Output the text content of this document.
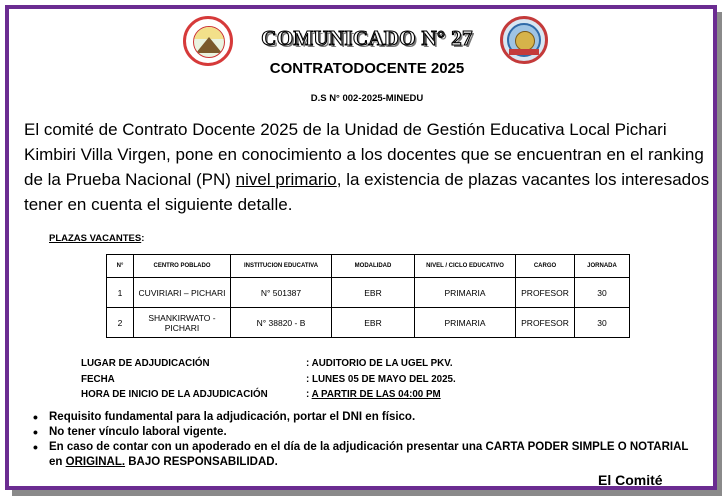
COMUNICADO N° 27
CONTRATODOCENTE 2025
D.S N° 002-2025-MINEDU
El comité de Contrato Docente 2025 de la Unidad de Gestión Educativa Local Pichari Kimbiri Villa Virgen, pone en conocimiento a los docentes que se encuentran en el ranking de la Prueba Nacional (PN) nivel primario, la existencia de plazas vacantes los interesados tener en cuenta el siguiente detalle.
PLAZAS VACANTES:
N°	CENTRO POBLADO	INSTITUCION EDUCATIVA	MODALIDAD	NIVEL / CICLO EDUCATIVO	CARGO	JORNADA
1	CUVIRIARI – PICHARI	N° 501387	EBR	PRIMARIA	PROFESOR	30
2	SHANKIRWATO - PICHARI	N° 38820 - B	EBR	PRIMARIA	PROFESOR	30
LUGAR DE ADJUDICACIÓN	: AUDITORIO DE LA UGEL PKV.
FECHA	: LUNES 05 DE MAYO DEL 2025.
HORA DE INICIO DE LA ADJUDICACIÓN	: A PARTIR DE LAS 04:00 PM
• Requisito fundamental para la adjudicación, portar el DNI en físico.
• No tener vínculo laboral vigente.
• En caso de contar con un apoderado en el día de la adjudicación presentar una CARTA PODER SIMPLE O NOTARIAL en ORIGINAL. BAJO RESPONSABILIDAD.
El Comité
